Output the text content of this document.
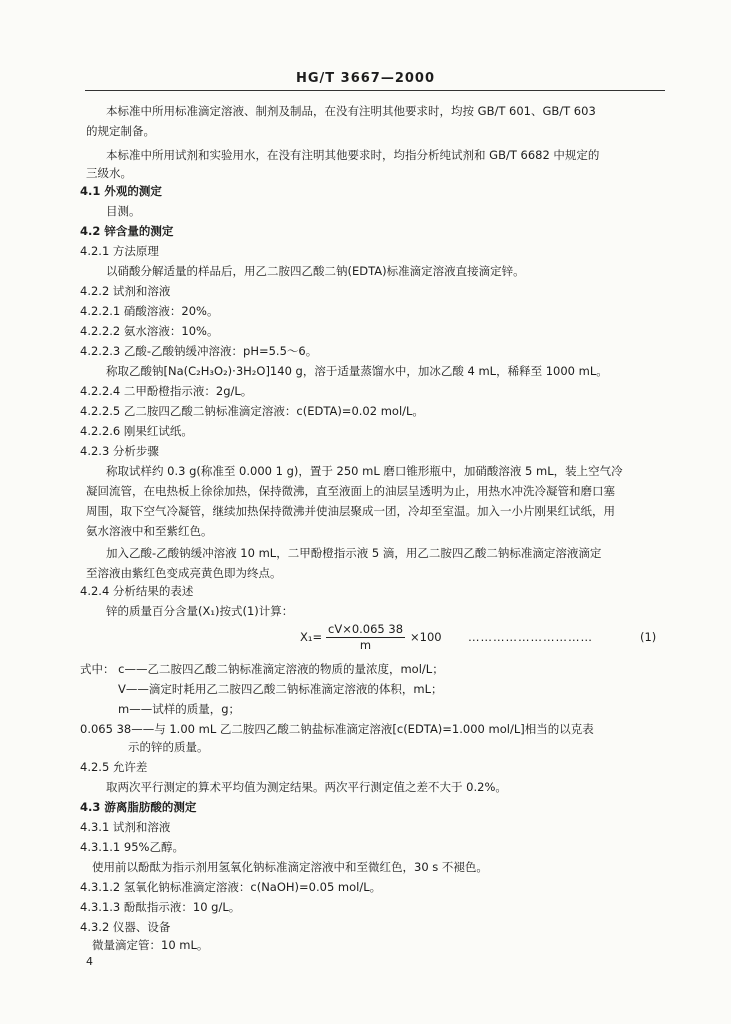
HG/T 3667—2000
本标准中所用标准滴定溶液、制剂及制品，在没有注明其他要求时，均按 GB/T 601、GB/T 603
的规定制备。
本标准中所用试剂和实验用水，在没有注明其他要求时，均指分析纯试剂和 GB/T 6682 中规定的
三级水。
4.1 外观的测定
目测。
4.2 锌含量的测定
4.2.1 方法原理
以硝酸分解适量的样品后，用乙二胺四乙酸二钠(EDTA)标准滴定溶液直接滴定锌。
4.2.2 试剂和溶液
4.2.2.1 硝酸溶液：20%。
4.2.2.2 氨水溶液：10%。
4.2.2.3 乙酸-乙酸钠缓冲溶液：pH=5.5～6。
称取乙酸钠[Na(C₂H₃O₂)·3H₂O]140 g，溶于适量蒸馏水中，加冰乙酸 4 mL，稀释至 1000 mL。
4.2.2.4 二甲酚橙指示液：2g/L。
4.2.2.5 乙二胺四乙酸二钠标准滴定溶液：c(EDTA)=0.02 mol/L。
4.2.2.6 刚果红试纸。
4.2.3 分析步骤
称取试样约 0.3 g(称准至 0.000 1 g)，置于 250 mL 磨口锥形瓶中，加硝酸溶液 5 mL，装上空气冷
凝回流管，在电热板上徐徐加热，保持微沸，直至液面上的油层呈透明为止，用热水冲洗冷凝管和磨口塞
周围，取下空气冷凝管，继续加热保持微沸并使油层聚成一团，冷却至室温。加入一小片刚果红试纸，用
氨水溶液中和至紫红色。
加入乙酸-乙酸钠缓冲溶液 10 mL，二甲酚橙指示液 5 滴，用乙二胺四乙酸二钠标准滴定溶液滴定
至溶液由紫红色变成亮黄色即为终点。
4.2.4 分析结果的表述
锌的质量百分含量(X₁)按式(1)计算：
$X_1= \frac{cV\times 0.065 38}{m} \times 100$ …………………………	(1)
式中： c——乙二胺四乙酸二钠标准滴定溶液的物质的量浓度，mol/L；
V——滴定时耗用乙二胺四乙酸二钠标准滴定溶液的体积，mL；
m——试样的质量，g；
0.065 38——与 1.00 mL 乙二胺四乙酸二钠盐标准滴定溶液[c(EDTA)=1.000 mol/L]相当的以克表
示的锌的质量。
4.2.5 允许差
取两次平行测定的算术平均值为测定结果。两次平行测定值之差不大于 0.2%。
4.3 游离脂肪酸的测定
4.3.1 试剂和溶液
4.3.1.1 95%乙醇。
使用前以酚酞为指示剂用氢氧化钠标准滴定溶液中和至微红色，30 s 不褪色。
4.3.1.2 氢氧化钠标准滴定溶液：c(NaOH)=0.05 mol/L。
4.3.1.3 酚酞指示液：10 g/L。
4.3.2 仪器、设备
微量滴定管：10 mL。
4
